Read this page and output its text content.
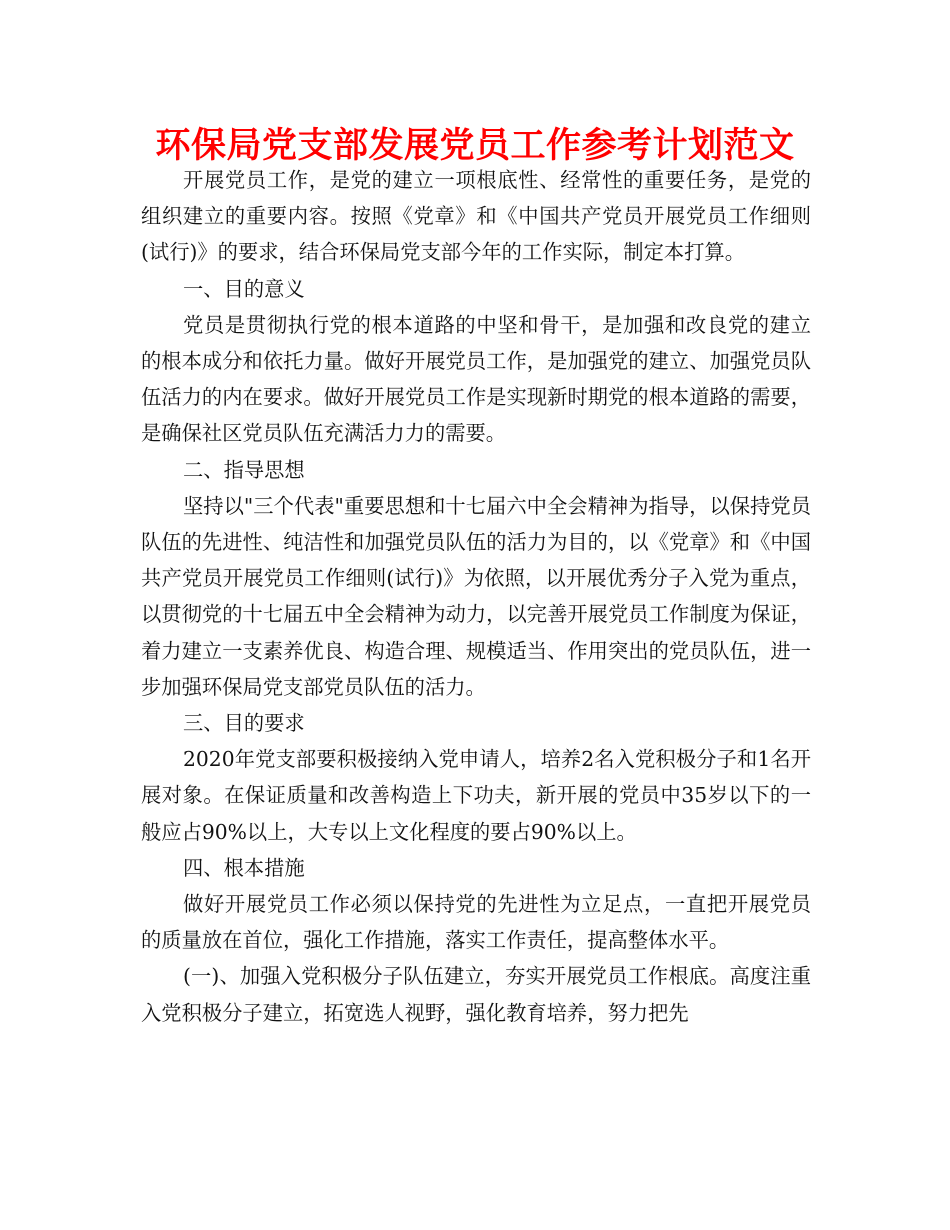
环保局党支部发展党员工作参考计划范文

开展党员工作，是党的建立一项根底性、经常性的重要任务，是党的组织建立的重要内容。按照《党章》和《中国共产党员开展党员工作细则(试行)》的要求，结合环保局党支部今年的工作实际，制定本打算。

一、目的意义

党员是贯彻执行党的根本道路的中坚和骨干，是加强和改良党的建立的根本成分和依托力量。做好开展党员工作，是加强党的建立、加强党员队伍活力的内在要求。做好开展党员工作是实现新时期党的根本道路的需要，是确保社区党员队伍充满活力力的需要。

二、指导思想

坚持以"三个代表"重要思想和十七届六中全会精神为指导，以保持党员队伍的先进性、纯洁性和加强党员队伍的活力为目的，以《党章》和《中国共产党员开展党员工作细则(试行)》为依照，以开展优秀分子入党为重点，以贯彻党的十七届五中全会精神为动力，以完善开展党员工作制度为保证，着力建立一支素养优良、构造合理、规模适当、作用突出的党员队伍，进一步加强环保局党支部党员队伍的活力。

三、目的要求

2020年党支部要积极接纳入党申请人，培养2名入党积极分子和1名开展对象。在保证质量和改善构造上下功夫，新开展的党员中35岁以下的一般应占90%以上，大专以上文化程度的要占90%以上。

四、根本措施

做好开展党员工作必须以保持党的先进性为立足点，一直把开展党员的质量放在首位，强化工作措施，落实工作责任，提高整体水平。

(一)、加强入党积极分子队伍建立，夯实开展党员工作根底。高度注重入党积极分子建立，拓宽选人视野，强化教育培养，努力把先
